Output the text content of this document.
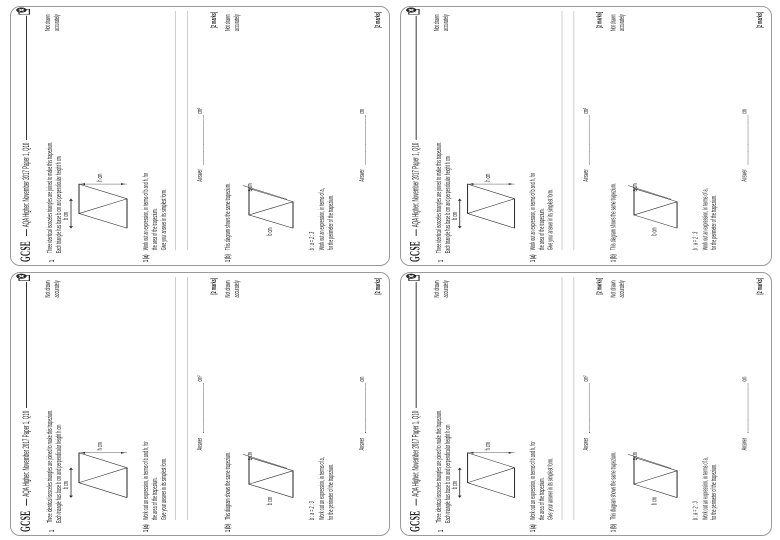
GCSE
AQA Higher: November 2017 Paper 1, Q10
1
Three identical isosceles triangles are joined to make this trapezium. Each triangle has base b cm and perpendicular height h cm
Not drawn accurately
b cm
h cm
1 (a)
Work out an expression, in terms of b and h, for the area of the trapezium. Give your answer in its simplest form.
Answer
cm²
[2 marks]
1 (b)
This diagram shows the same trapezium.
Not drawn accurately
b cm
a cm
b : a = 2 : 3 Work out an expression, in terms of a, for the perimeter of the trapezium.
Answer
cm
[2 marks]
GCSE
AQA Higher: November 2017 Paper 1, Q10
1
Three identical isosceles triangles are joined to make this trapezium. Each triangle has base b cm and perpendicular height h cm
Not drawn accurately
b cm
h cm
1 (a)
Work out an expression, in terms of b and h, for the area of the trapezium. Give your answer in its simplest form.
Answer
cm²
[2 marks]
1 (b)
This diagram shows the same trapezium.
Not drawn accurately
b cm
a cm
b : a = 2 : 3 Work out an expression, in terms of a, for the perimeter of the trapezium.
Answer
cm
[2 marks]
GCSE
AQA Higher: November 2017 Paper 1, Q10
1
Three identical isosceles triangles are joined to make this trapezium. Each triangle has base b cm and perpendicular height h cm
Not drawn accurately
b cm
h cm
1 (a)
Work out an expression, in terms of b and h, for the area of the trapezium. Give your answer in its simplest form.
Answer
cm²
[2 marks]
1 (b)
This diagram shows the same trapezium.
Not drawn accurately
b cm
a cm
b : a = 2 : 3 Work out an expression, in terms of a, for the perimeter of the trapezium.
Answer
cm
[2 marks]
GCSE
AQA Higher: November 2017 Paper 1, Q10
1
Three identical isosceles triangles are joined to make this trapezium. Each triangle has base b cm and perpendicular height h cm
Not drawn accurately
b cm
h cm
1 (a)
Work out an expression, in terms of b and h, for the area of the trapezium. Give your answer in its simplest form.
Answer
cm²
[2 marks]
1 (b)
This diagram shows the same trapezium.
Not drawn accurately
b cm
a cm
b : a = 2 : 3 Work out an expression, in terms of a, for the perimeter of the trapezium.
Answer
cm
[2 marks]
